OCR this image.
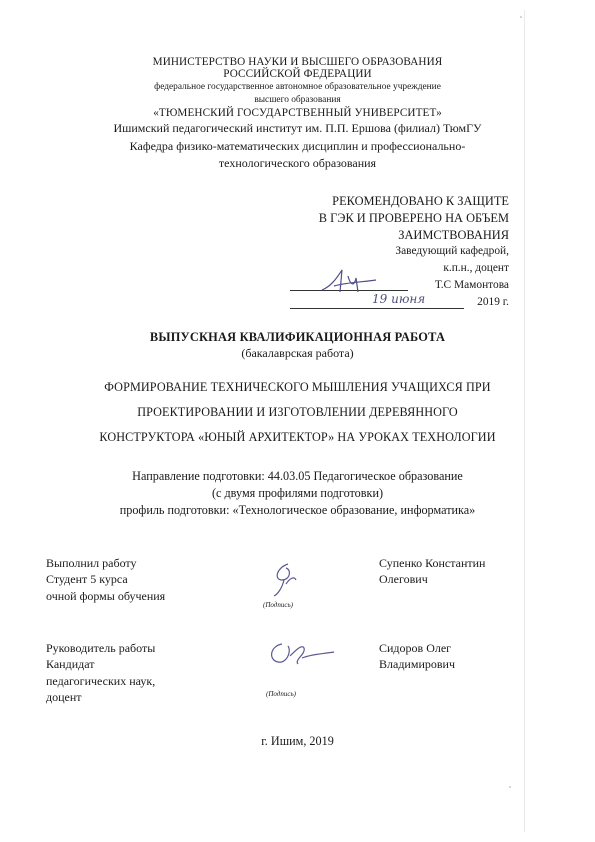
МИНИСТЕРСТВО НАУКИ И ВЫСШЕГО ОБРАЗОВАНИЯ
РОССИЙСКОЙ ФЕДЕРАЦИИ
федеральное государственное автономное образовательное учреждение
высшего образования
«ТЮМЕНСКИЙ ГОСУДАРСТВЕННЫЙ УНИВЕРСИТЕТ»
Ишимский педагогический институт им. П.П. Ершова (филиал) ТюмГУ
Кафедра физико-математических дисциплин и профессионально-
технологического образования
РЕКОМЕНДОВАНО К ЗАЩИТЕ
В ГЭК И ПРОВЕРЕНО НА ОБЪЕМ
ЗАИМСТВОВАНИЯ
Заведующий кафедрой,
к.п.н., доцент
Т.С Мамонтова
19 июня	2019 г.
ВЫПУСКНАЯ КВАЛИФИКАЦИОННАЯ РАБОТА
(бакалаврская работа)
ФОРМИРОВАНИЕ ТЕХНИЧЕСКОГО МЫШЛЕНИЯ УЧАЩИХСЯ ПРИ
ПРОЕКТИРОВАНИИ И ИЗГОТОВЛЕНИИ ДЕРЕВЯННОГО
КОНСТРУКТОРА «ЮНЫЙ АРХИТЕКТОР» НА УРОКАХ ТЕХНОЛОГИИ
Направление подготовки: 44.03.05 Педагогическое образование
(с двумя профилями подготовки)
профиль подготовки: «Технологическое образование, информатика»
Выполнил работу
Студент 5 курса
очной формы обучения
(Подпись)
Супенко Константин
Олегович
Руководитель работы
Кандидат
педагогических наук,
доцент	(Подпись)
Сидоров Олег
Владимирович
г. Ишим, 2019
